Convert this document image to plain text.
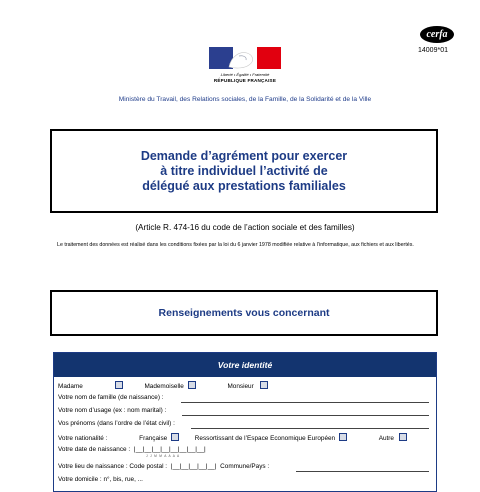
cerfa
14009*01
Liberté • Égalité • Fraternité
RÉPUBLIQUE FRANÇAISE
Ministère du Travail, des Relations sociales, de la Famille, de la Solidarité et de la Ville
Demande d’agrément pour exercer
à titre individuel l’activité de
délégué aux prestations familiales
(Article R. 474-16 du code de l’action sociale et des familles)
Le traitement des données est réalisé dans les conditions fixées par la loi du 6 janvier 1978 modifiée relative à l’informatique, aux fichiers et aux libertés.
Renseignements vous concernant
Votre identité
Madame	Mademoiselle	Monsieur
Votre nom de famille (de naissance) :
Votre nom d’usage (ex : nom marital) :
Vos prénoms (dans l’ordre de l’état civil) :
Votre nationalité :	Française	Ressortissant de l’Espace Economique Européen	Autre
Votre date de naissance : |__|__|__|__|__|__|__|__|
J J M M A A A A
Votre lieu de naissance : Code postal : |__|__|__|__|__| Commune/Pays :
Votre domicile : n°, bis, rue, ...
